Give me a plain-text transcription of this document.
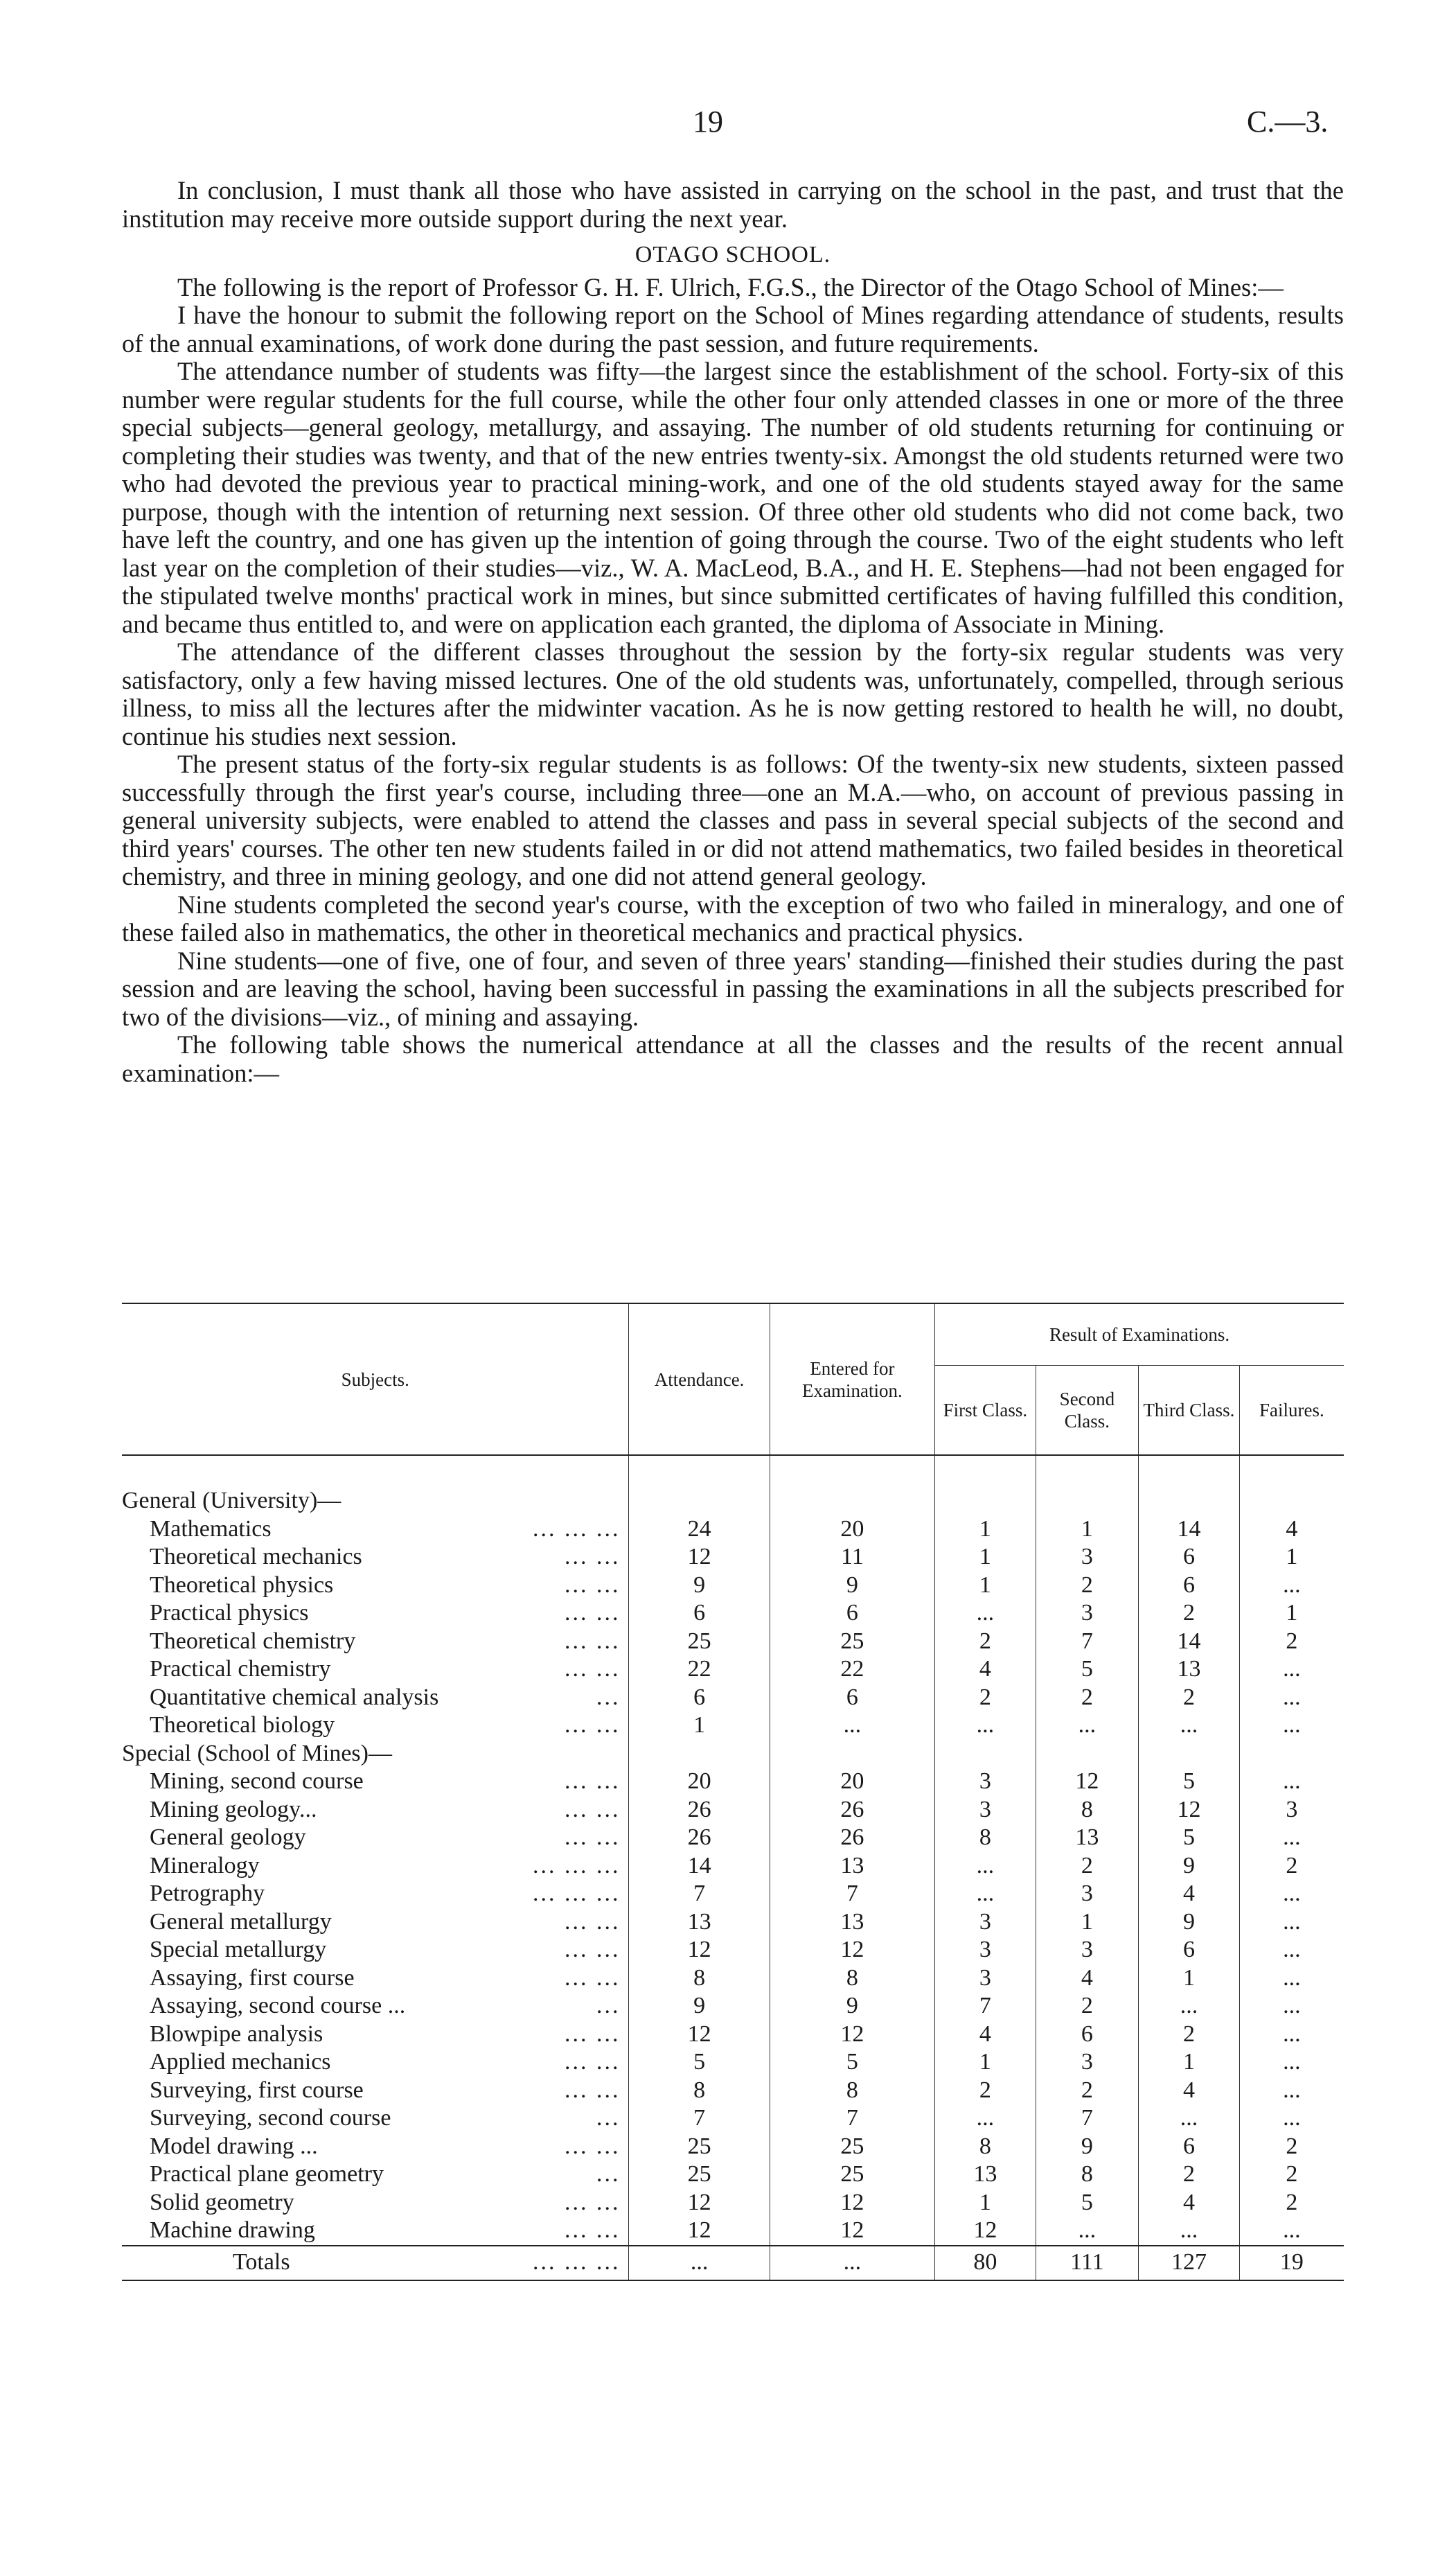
19	C.—3.

In conclusion, I must thank all those who have assisted in carrying on the school in the past, and trust that the institution may receive more outside support during the next year.

OTAGO SCHOOL.

The following is the report of Professor G. H. F. Ulrich, F.G.S., the Director of the Otago School of Mines:—

I have the honour to submit the following report on the School of Mines regarding attendance of students, results of the annual examinations, of work done during the past session, and future requirements.

The attendance number of students was fifty—the largest since the establishment of the school. Forty-six of this number were regular students for the full course, while the other four only attended classes in one or more of the three special subjects—general geology, metallurgy, and assaying. The number of old students returning for continuing or completing their studies was twenty, and that of the new entries twenty-six. Amongst the old students returned were two who had devoted the previous year to practical mining-work, and one of the old students stayed away for the same purpose, though with the intention of returning next session. Of three other old students who did not come back, two have left the country, and one has given up the intention of going through the course. Two of the eight students who left last year on the completion of their studies—viz., W. A. MacLeod, B.A., and H. E. Stephens—had not been engaged for the stipulated twelve months' practical work in mines, but since submitted certificates of having fulfilled this condition, and became thus entitled to, and were on application each granted, the diploma of Associate in Mining.

The attendance of the different classes throughout the session by the forty-six regular students was very satisfactory, only a few having missed lectures. One of the old students was, unfortunately, compelled, through serious illness, to miss all the lectures after the midwinter vacation. As he is now getting restored to health he will, no doubt, continue his studies next session.

The present status of the forty-six regular students is as follows: Of the twenty-six new students, sixteen passed successfully through the first year's course, including three—one an M.A.—who, on account of previous passing in general university subjects, were enabled to attend the classes and pass in several special subjects of the second and third years' courses. The other ten new students failed in or did not attend mathematics, two failed besides in theoretical chemistry, and three in mining geology, and one did not attend general geology.

Nine students completed the second year's course, with the exception of two who failed in mineralogy, and one of these failed also in mathematics, the other in theoretical mechanics and practical physics.

Nine students—one of five, one of four, and seven of three years' standing—finished their studies during the past session and are leaving the school, having been successful in passing the examinations in all the subjects prescribed for two of the divisions—viz., of mining and assaying.

The following table shows the numerical attendance at all the classes and the results of the recent annual examination:—

Subjects.	Attendance.	Entered for Examination.	Result of Examinations.			
			First Class.	Second Class.	Third Class.	Failures.

General (University)—						

... ... ...
Mathematics	24	20	1	1	14	4

... ...
Theoretical mechanics	12	11	1	3	6	1

... ...
Theoretical physics	9	9	1	2	6	...

... ...
Practical physics	6	6	...	3	2	1

... ...
Theoretical chemistry	25	25	2	7	14	2

... ...
Practical chemistry	22	22	4	5	13	...

...
Quantitative chemical analysis	6	6	2	2	2	...

... ...
Theoretical biology	1	...	...	...	...	...
Special (School of Mines)—						

... ...
Mining, second course	20	20	3	12	5	...

... ...
Mining geology...	26	26	3	8	12	3

... ...
General geology	26	26	8	13	5	...

... ... ...
Mineralogy	14	13	...	2	9	2

... ... ...
Petrography	7	7	...	3	4	...

... ...
General metallurgy	13	13	3	1	9	...

... ...
Special metallurgy	12	12	3	3	6	...

... ...
Assaying, first course	8	8	3	4	1	...

...
Assaying, second course ...	9	9	7	2	...	...

... ...
Blowpipe analysis	12	12	4	6	2	...

... ...
Applied mechanics	5	5	1	3	1	...

... ...
Surveying, first course	8	8	2	2	4	...

...
Surveying, second course	7	7	...	7	...	...

... ...
Model drawing ...	25	25	8	9	6	2

...
Practical plane geometry	25	25	13	8	2	2

... ...
Solid geometry	12	12	1	5	4	2

... ...
Machine drawing	12	12	12	...	...	...

... ... ...
Totals	...	...	80	111	127	19
